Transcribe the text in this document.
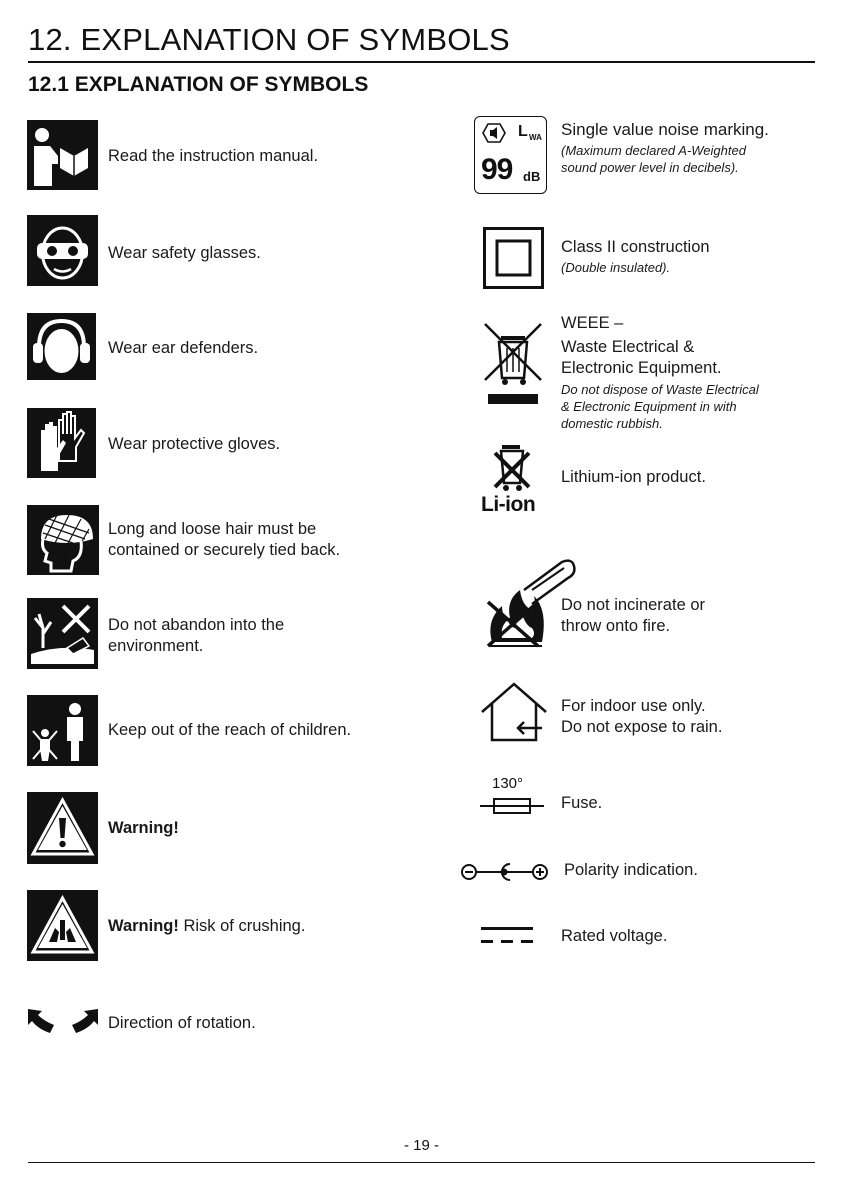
12. EXPLANATION OF SYMBOLS
12.1 EXPLANATION OF SYMBOLS
Read the instruction manual.
Wear safety glasses.
Wear ear defenders.
Wear protective gloves.
Long and loose hair must be
contained or securely tied back.
Do not abandon into the
environment.
Keep out of the reach of children.
Warning!
Warning! Risk of crushing.
Direction of rotation.
L WA
99 dB
Single value noise marking.
(Maximum declared A-Weighted
sound power level in decibels).
Class II construction
(Double insulated).
WEEE –
Waste Electrical &
Electronic Equipment.
Do not dispose of Waste Electrical
& Electronic Equipment in with
domestic rubbish.
Li-ion
Lithium-ion product.
Do not incinerate or
throw onto fire.
For indoor use only.
Do not expose to rain.
130°
Fuse.
Polarity indication.
Rated voltage.
- 19 -
